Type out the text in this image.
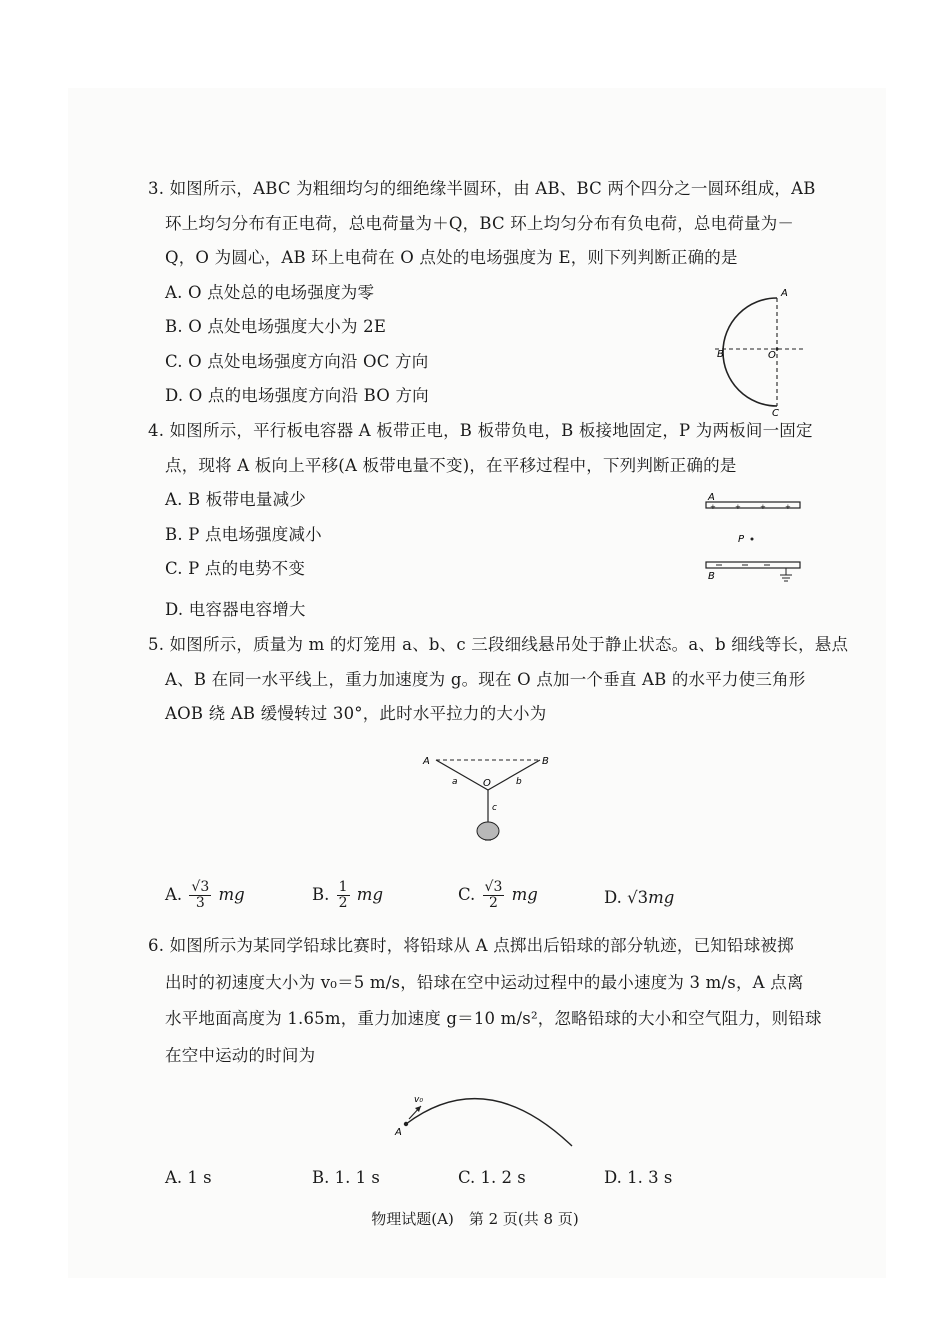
3. 如图所示，ABC 为粗细均匀的细绝缘半圆环，由 AB、BC 两个四分之一圆环组成，AB
环上均匀分布有正电荷，总电荷量为＋Q，BC 环上均匀分布有负电荷，总电荷量为－
Q，O 为圆心，AB 环上电荷在 O 点处的电场强度为 E，则下列判断正确的是
A. O 点处总的电场强度为零
B. O 点处电场强度大小为 2E
C. O 点处电场强度方向沿 OC 方向
D. O 点的电场强度方向沿 BO 方向
A
B	O
C
4. 如图所示，平行板电容器 A 板带正电，B 板带负电，B 板接地固定，P 为两板间一固定
点，现将 A 板向上平移(A 板带电量不变)，在平移过程中，下列判断正确的是
A. B 板带电量减少
B. P 点电场强度减小
C. P 点的电势不变
D. 电容器电容增大
A
+	+	+	+
P
B
5. 如图所示，质量为 m 的灯笼用 a、b、c 三段细线悬吊处于静止状态。a、b 细线等长，悬点
A、B 在同一水平线上，重力加速度为 g。现在 O 点加一个垂直 AB 的水平力使三角形
AOB 绕 AB 缓慢转过 30°，此时水平拉力的大小为
A	B
O
a	b
c
A. $\frac{√3}{3}$ mg	B. $\frac{1}{2}$ mg	C. $\frac{√3}{2}$ mg	D. √3mg
6. 如图所示为某同学铅球比赛时，将铅球从 A 点掷出后铅球的部分轨迹，已知铅球被掷
出时的初速度大小为 v₀＝5 m/s，铅球在空中运动过程中的最小速度为 3 m/s，A 点离
水平地面高度为 1.65m，重力加速度 g＝10 m/s²，忽略铅球的大小和空气阻力，则铅球
在空中运动的时间为
v₀
A
A. 1 s	B. 1. 1 s	C. 1. 2 s	D. 1. 3 s
物理试题(A)　第 2 页(共 8 页)
